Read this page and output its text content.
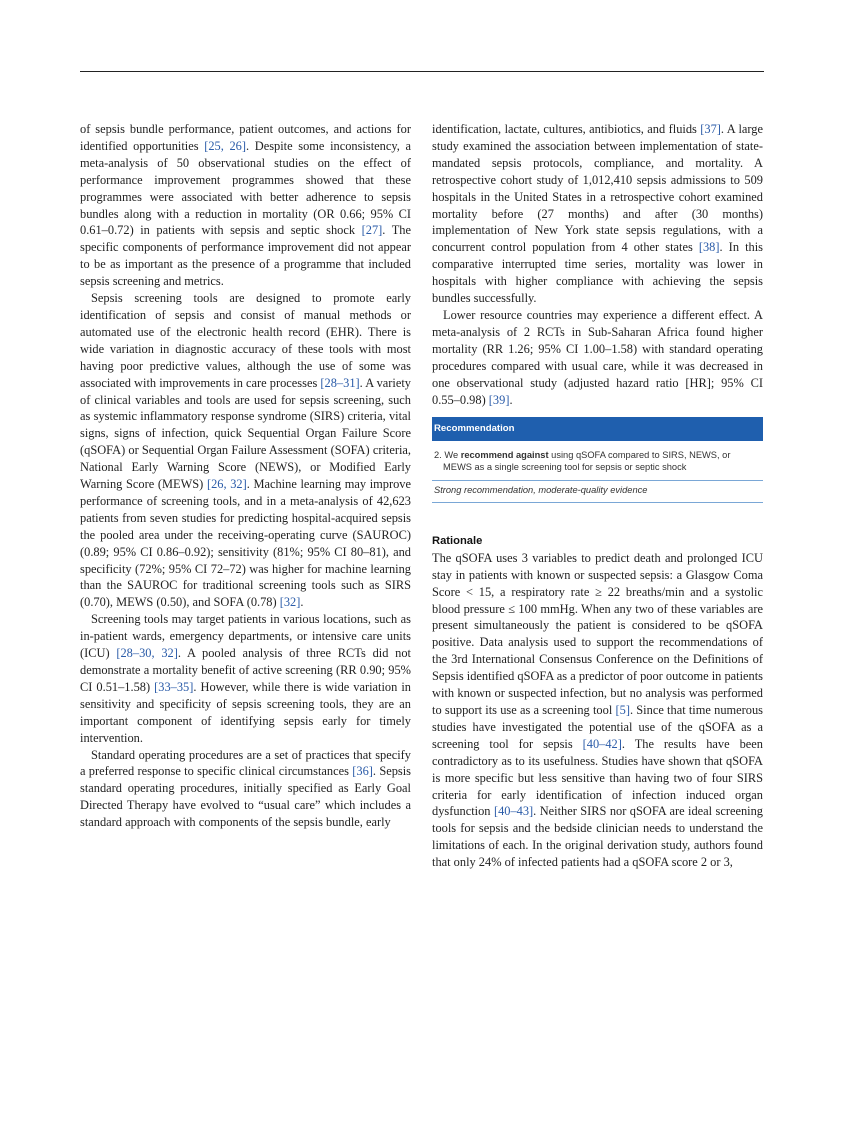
of sepsis bundle performance, patient outcomes, and actions for identified opportunities [25, 26]. Despite some inconsistency, a meta-analysis of 50 observational studies on the effect of performance improvement programmes showed that these programmes were associated with better adherence to sepsis bundles along with a reduction in mortality (OR 0.66; 95% CI 0.61–0.72) in patients with sepsis and septic shock [27]. The specific components of performance improvement did not appear to be as important as the presence of a programme that included sepsis screening and metrics.

Sepsis screening tools are designed to promote early identification of sepsis and consist of manual methods or automated use of the electronic health record (EHR). There is wide variation in diagnostic accuracy of these tools with most having poor predictive values, although the use of some was associated with improvements in care processes [28–31]. A variety of clinical variables and tools are used for sepsis screening, such as systemic inflammatory response syndrome (SIRS) criteria, vital signs, signs of infection, quick Sequential Organ Failure Score (qSOFA) or Sequential Organ Failure Assessment (SOFA) criteria, National Early Warning Score (NEWS), or Modified Early Warning Score (MEWS) [26, 32]. Machine learning may improve performance of screening tools, and in a meta-analysis of 42,623 patients from seven studies for predicting hospital-acquired sepsis the pooled area under the receiving-operating curve (SAUROC) (0.89; 95% CI 0.86–0.92); sensitivity (81%; 95% CI 80–81), and specificity (72%; 95% CI 72–72) was higher for machine learning than the SAUROC for traditional screening tools such as SIRS (0.70), MEWS (0.50), and SOFA (0.78) [32].

Screening tools may target patients in various locations, such as in-patient wards, emergency departments, or intensive care units (ICU) [28–30, 32]. A pooled analysis of three RCTs did not demonstrate a mortality benefit of active screening (RR 0.90; 95% CI 0.51–1.58) [33–35]. However, while there is wide variation in sensitivity and specificity of sepsis screening tools, they are an important component of identifying sepsis early for timely intervention.

Standard operating procedures are a set of practices that specify a preferred response to specific clinical circumstances [36]. Sepsis standard operating procedures, initially specified as Early Goal Directed Therapy have evolved to “usual care” which includes a standard approach with components of the sepsis bundle, early

identification, lactate, cultures, antibiotics, and fluids [37]. A large study examined the association between implementation of state-mandated sepsis protocols, compliance, and mortality. A retrospective cohort study of 1,012,410 sepsis admissions to 509 hospitals in the United States in a retrospective cohort examined mortality before (27 months) and after (30 months) implementation of New York state sepsis regulations, with a concurrent control population from 4 other states [38]. In this comparative interrupted time series, mortality was lower in hospitals with higher compliance with achieving the sepsis bundles successfully.

Lower resource countries may experience a different effect. A meta-analysis of 2 RCTs in Sub-Saharan Africa found higher mortality (RR 1.26; 95% CI 1.00–1.58) with standard operating procedures compared with usual care, while it was decreased in one observational study (adjusted hazard ratio [HR]; 95% CI 0.55–0.98) [39].

Recommendation
2. We recommend against using qSOFA compared to SIRS, NEWS, or MEWS as a single screening tool for sepsis or septic shock
Strong recommendation, moderate-quality evidence
Rationale

The qSOFA uses 3 variables to predict death and prolonged ICU stay in patients with known or suspected sepsis: a Glasgow Coma Score < 15, a respiratory rate ≥ 22 breaths/min and a systolic blood pressure ≤ 100 mmHg. When any two of these variables are present simultaneously the patient is considered to be qSOFA positive. Data analysis used to support the recommendations of the 3rd International Consensus Conference on the Definitions of Sepsis identified qSOFA as a predictor of poor outcome in patients with known or suspected infection, but no analysis was performed to support its use as a screening tool [5]. Since that time numerous studies have investigated the potential use of the qSOFA as a screening tool for sepsis [40–42]. The results have been contradictory as to its usefulness. Studies have shown that qSOFA is more specific but less sensitive than having two of four SIRS criteria for early identification of infection induced organ dysfunction [40–43]. Neither SIRS nor qSOFA are ideal screening tools for sepsis and the bedside clinician needs to understand the limitations of each. In the original derivation study, authors found that only 24% of infected patients had a qSOFA score 2 or 3,
